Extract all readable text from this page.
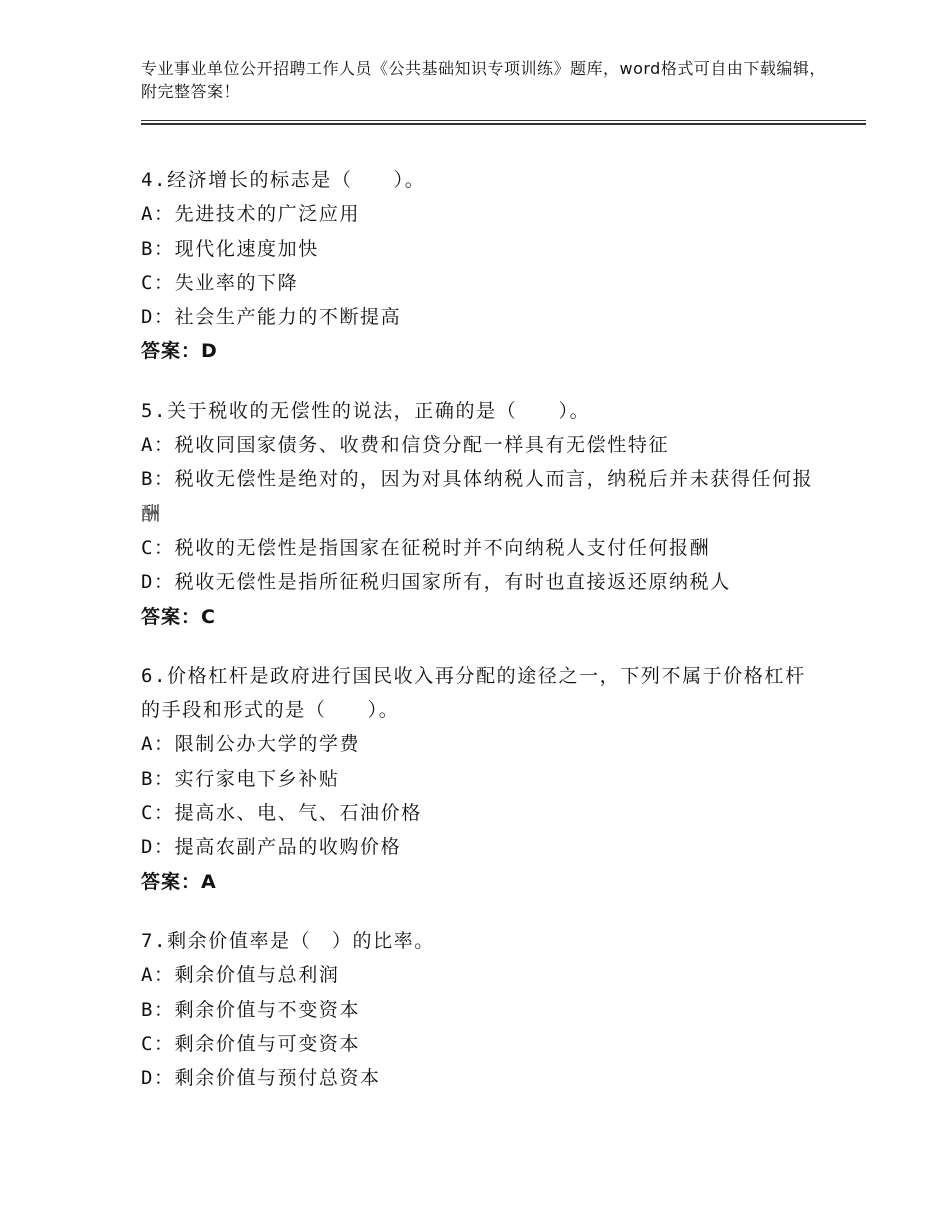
专业事业单位公开招聘工作人员《公共基础知识专项训练》题库，word格式可自由下载编辑，附完整答案！
4.经济增长的标志是（　　）。
A：先进技术的广泛应用
B：现代化速度加快
C：失业率的下降
D：社会生产能力的不断提高
答案：D
5.关于税收的无偿性的说法，正确的是（　　）。
A：税收同国家债务、收费和信贷分配一样具有无偿性特征
B：税收无偿性是绝对的，因为对具体纳税人而言，纳税后并未获得任何报酬
C：税收的无偿性是指国家在征税时并不向纳税人支付任何报酬
D：税收无偿性是指所征税归国家所有，有时也直接返还原纳税人
答案：C
6.价格杠杆是政府进行国民收入再分配的途径之一，下列不属于价格杠杆的手段和形式的是（　　）。
A：限制公办大学的学费
B：实行家电下乡补贴
C：提高水、电、气、石油价格
D：提高农副产品的收购价格
答案：A
7.剩余价值率是（　）的比率。
A：剩余价值与总利润
B：剩余价值与不变资本
C：剩余价值与可变资本
D：剩余价值与预付总资本
